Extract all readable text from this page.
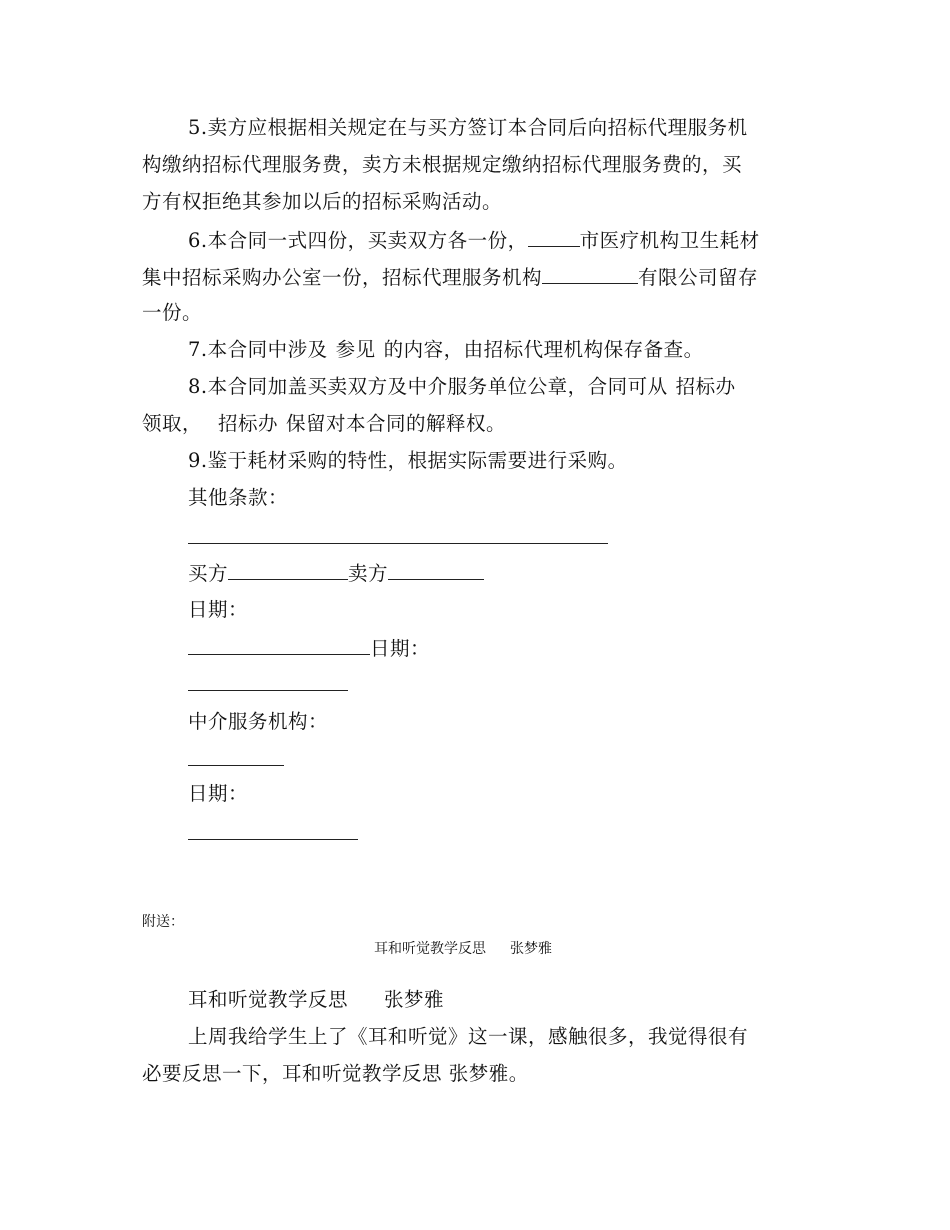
5.卖方应根据相关规定在与买方签订本合同后向招标代理服务机
构缴纳招标代理服务费，卖方未根据规定缴纳招标代理服务费的，买
方有权拒绝其参加以后的招标采购活动。
6.本合同一式四份，买卖双方各一份，	市医疗机构卫生耗材
集中招标采购办公室一份，招标代理服务机构	有限公司留存
一份。
7.本合同中涉及 参见 的内容，由招标代理机构保存备查。
8.本合同加盖买卖双方及中介服务单位公章，合同可从 招标办
领取， 招标办 保留对本合同的解释权。
9.鉴于耗材采购的特性，根据实际需要进行采购。
其他条款：
买方	卖方
日期：
日期：
中介服务机构：
日期：
附送：
耳和听觉教学反思 张梦雅
耳和听觉教学反思 张梦雅
上周我给学生上了《耳和听觉》这一课，感触很多，我觉得很有
必要反思一下，耳和听觉教学反思 张梦雅。
